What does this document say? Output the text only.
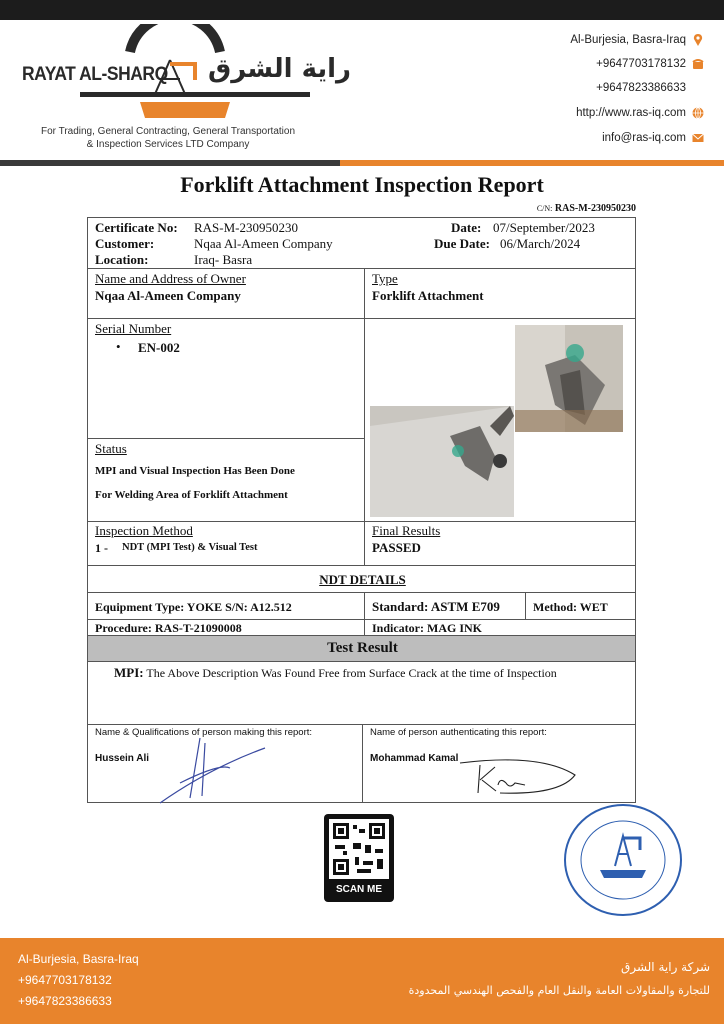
RAYAT AL-SHARQ راية الشرق
For Trading, General Contracting, General Transportation
& Inspection Services LTD Company
Al-Burjesia, Basra-Iraq
+9647703178132
+9647823386633
http://www.ras-iq.com
info@ras-iq.com
Forklift Attachment Inspection Report
C/N: RAS-M-230950230
Certificate No: RAS-M-230950230
Customer:	Nqaa Al-Ameen Company
Location:	Iraq- Basra
Date: 07/September/2023
Due Date: 06/March/2024
Name and Address of Owner
Nqaa Al-Ameen Company
Type
Forklift Attachment
Serial Number
• EN-002
Status
MPI and Visual Inspection Has Been Done
For Welding Area of Forklift Attachment
Inspection Method
1 - NDT (MPI Test) & Visual Test
Final Results
PASSED
NDT DETAILS
Equipment Type: YOKE S/N: A12.512	Standard: ASTM E709	Method: WET
Procedure: RAS-T-21090008	Indicator: MAG INK
Test Result
MPI: The Above Description Was Found Free from Surface Crack at the time of Inspection
Name & Qualifications of person making this report:
Hussein Ali
Name of person authenticating this report:
Mohammad Kamal
SCAN ME
Al-Burjesia, Basra-Iraq
+9647703178132
+9647823386633
شركة راية الشرق
للتجارة والمقاولات العامة والنقل العام والفحص الهندسي المحدودة
